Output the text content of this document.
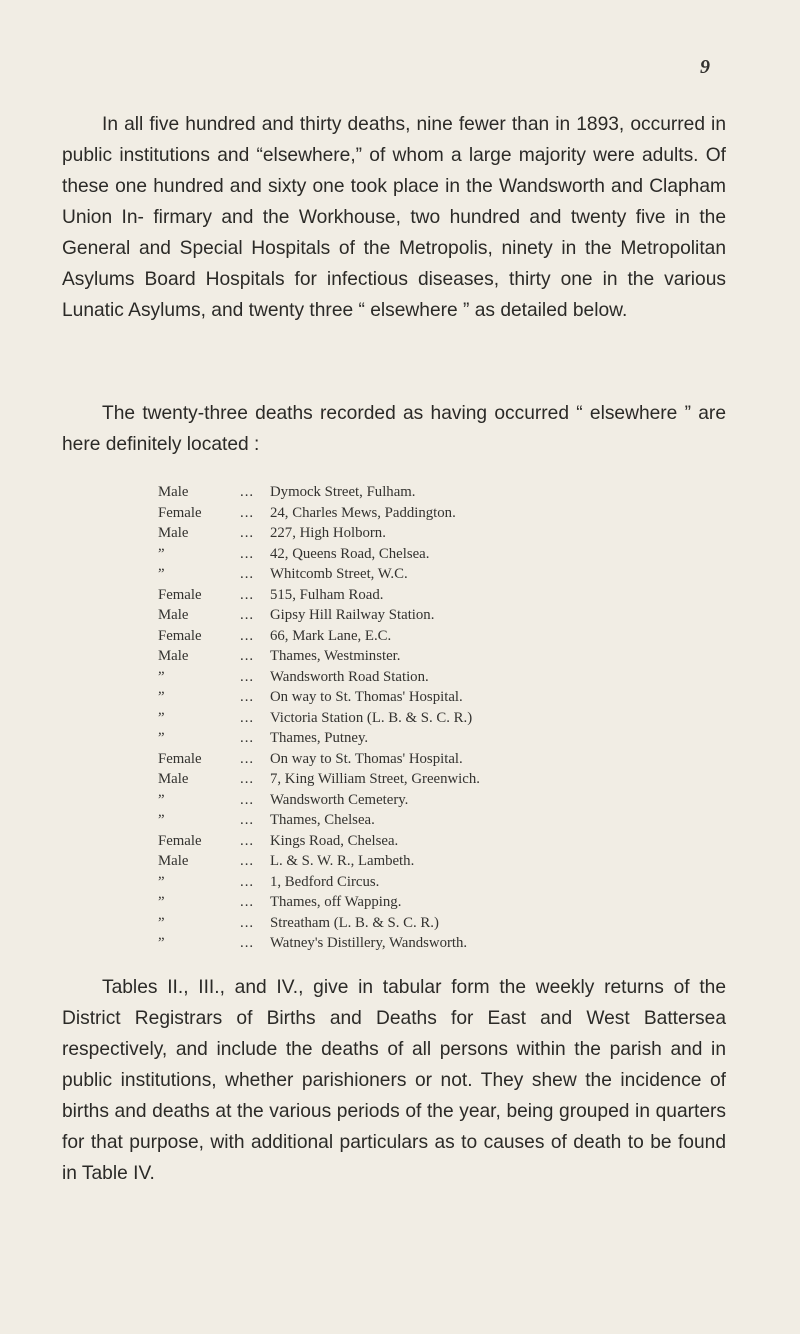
9

In all five hundred and thirty deaths, nine fewer than in 1893, occurred in public institutions and “elsewhere,” of whom a large majority were adults. Of these one hundred and sixty one took place in the Wandsworth and Clapham Union In- firmary and the Workhouse, two hundred and twenty five in the General and Special Hospitals of the Metropolis, ninety in the Metropolitan Asylums Board Hospitals for infectious diseases, thirty one in the various Lunatic Asylums, and twenty three “ elsewhere ” as detailed below.

The twenty-three deaths recorded as having occurred “ elsewhere ” are here definitely located :

Male	... Dymock Street, Fulham.
Female	... 24, Charles Mews, Paddington.
Male	... 227, High Holborn.
”	... 42, Queens Road, Chelsea.
”	... Whitcomb Street, W.C.
Female	... 515, Fulham Road.
Male	... Gipsy Hill Railway Station.
Female	... 66, Mark Lane, E.C.
Male	... Thames, Westminster.
”	... Wandsworth Road Station.
”	... On way to St. Thomas' Hospital.
”	... Victoria Station (L. B. & S. C. R.)
”	... Thames, Putney.
Female	... On way to St. Thomas' Hospital.
Male	... 7, King William Street, Greenwich.
”	... Wandsworth Cemetery.
”	... Thames, Chelsea.
Female	... Kings Road, Chelsea.
Male	... L. & S. W. R., Lambeth.
”	... 1, Bedford Circus.
”	... Thames, off Wapping.
”	... Streatham (L. B. & S. C. R.)
”	... Watney's Distillery, Wandsworth.

Tables II., III., and IV., give in tabular form the weekly returns of the District Registrars of Births and Deaths for East and West Battersea respectively, and include the deaths of all persons within the parish and in public institutions, whether parishioners or not. They shew the incidence of births and deaths at the various periods of the year, being grouped in quarters for that purpose, with additional particulars as to causes of death to be found in Table IV.
